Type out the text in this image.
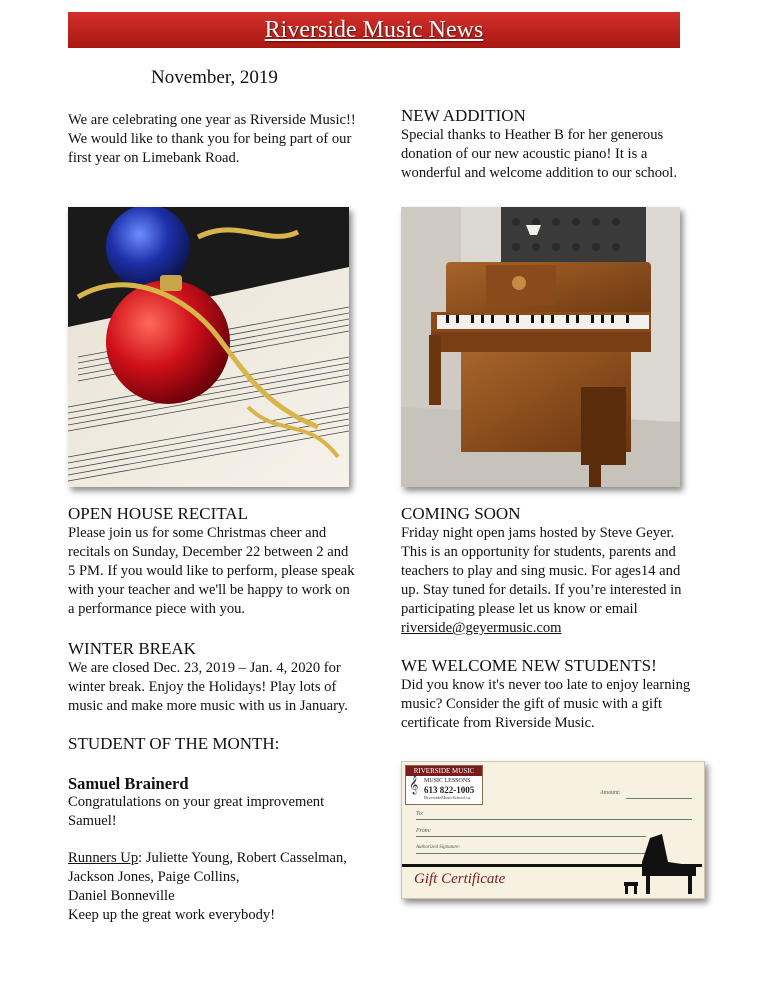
Riverside Music News
November, 2019
We are celebrating one year as Riverside Music!!
We would like to thank you for being part of our
first year on Limebank Road.
NEW ADDITION
Special thanks to Heather B for her generous
donation of our new acoustic piano! It is a
wonderful and welcome addition to our school.
OPEN HOUSE RECITAL
Please join us for some Christmas cheer and
recitals on Sunday, December 22 between 2 and
5 PM. If you would like to perform, please speak
with your teacher and we'll be happy to work on
a performance piece with you.
WINTER BREAK
We are closed Dec. 23, 2019 – Jan. 4, 2020 for
winter break. Enjoy the Holidays! Play lots of
music and make more music with us in January.
STUDENT OF THE MONTH:
Samuel Brainerd
Congratulations on your great improvement
Samuel!
Runners Up: Juliette Young, Robert Casselman,
Jackson Jones, Paige Collins,
Daniel Bonneville
Keep up the great work everybody!
COMING SOON
Friday night open jams hosted by Steve Geyer.
This is an opportunity for students, parents and
teachers to play and sing music. For ages14 and
up. Stay tuned for details. If you’re interested in
participating please let us know or email
riverside@geyermusic.com
WE WELCOME NEW STUDENTS!
Did you know it's never too late to enjoy learning
music? Consider the gift of music with a gift
certificate from Riverside Music.
RIVERSIDE MUSIC
𝄞 MUSIC LESSONS
613 822-1005
RiversideMusicSchool.ca
Amount:
To:
From:
Authorized Signature:
Gift Certificate
